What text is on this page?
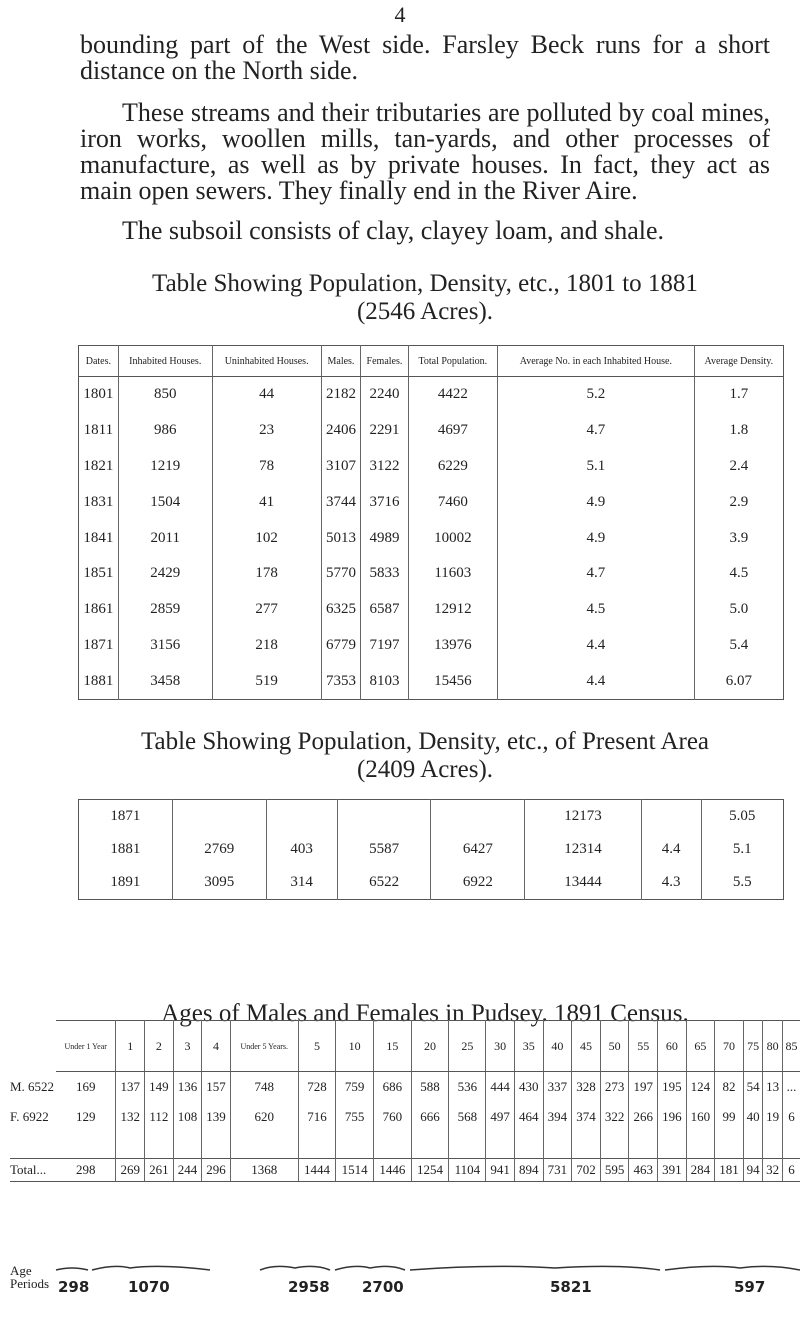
4

bounding part of the West side. Farsley Beck runs for a short distance on the North side.

These streams and their tributaries are polluted by coal mines, iron works, woollen mills, tan-yards, and other processes of manufacture, as well as by private houses. In fact, they act as main open sewers. They finally end in the River Aire.

The subsoil consists of clay, clayey loam, and shale.

Table Showing Population, Density, etc., 1801 to 1881
(2546 Acres).
Dates.	Inhabited Houses.	Uninhabited Houses.	Males.	Females.	Total Population.	Average No. in each Inhabited House.	Average Density.
1801	850	44	2182	2240	4422	5.2	1.7
1811	986	23	2406	2291	4697	4.7	1.8
1821	1219	78	3107	3122	6229	5.1	2.4
1831	1504	41	3744	3716	7460	4.9	2.9
1841	2011	102	5013	4989	10002	4.9	3.9
1851	2429	178	5770	5833	11603	4.7	4.5
1861	2859	277	6325	6587	12912	4.5	5.0
1871	3156	218	6779	7197	13976	4.4	5.4
1881	3458	519	7353	8103	15456	4.4	6.07
Table Showing Population, Density, etc., of Present Area
(2409 Acres).
1871					12173		5.05
1881	2769	403	5587	6427	12314	4.4	5.1
1891	3095	314	6522	6922	13444	4.3	5.5
Ages of Males and Females in Pudsey. 1891 Census.
	Under 1 Year	1	2	3	4	Under 5 Years.	5	10	15	20	25	30	35	40	45	50	55	60	65	70	75	80	85
M. 6522	169	137	149	136	157	748	728	759	686	588	536	444	430	337	328	273	197	195	124	82	54	13	...
F. 6922	129	132	112	108	139	620	716	755	760	666	568	497	464	394	374	322	266	196	160	99	40	19	6

Total...	298	269	261	244	296	1368	1444	1514	1446	1254	1104	941	894	731	702	595	463	391	284	181	94	32	6
Age
Periods 298	1070	2958 2700	5821	597
